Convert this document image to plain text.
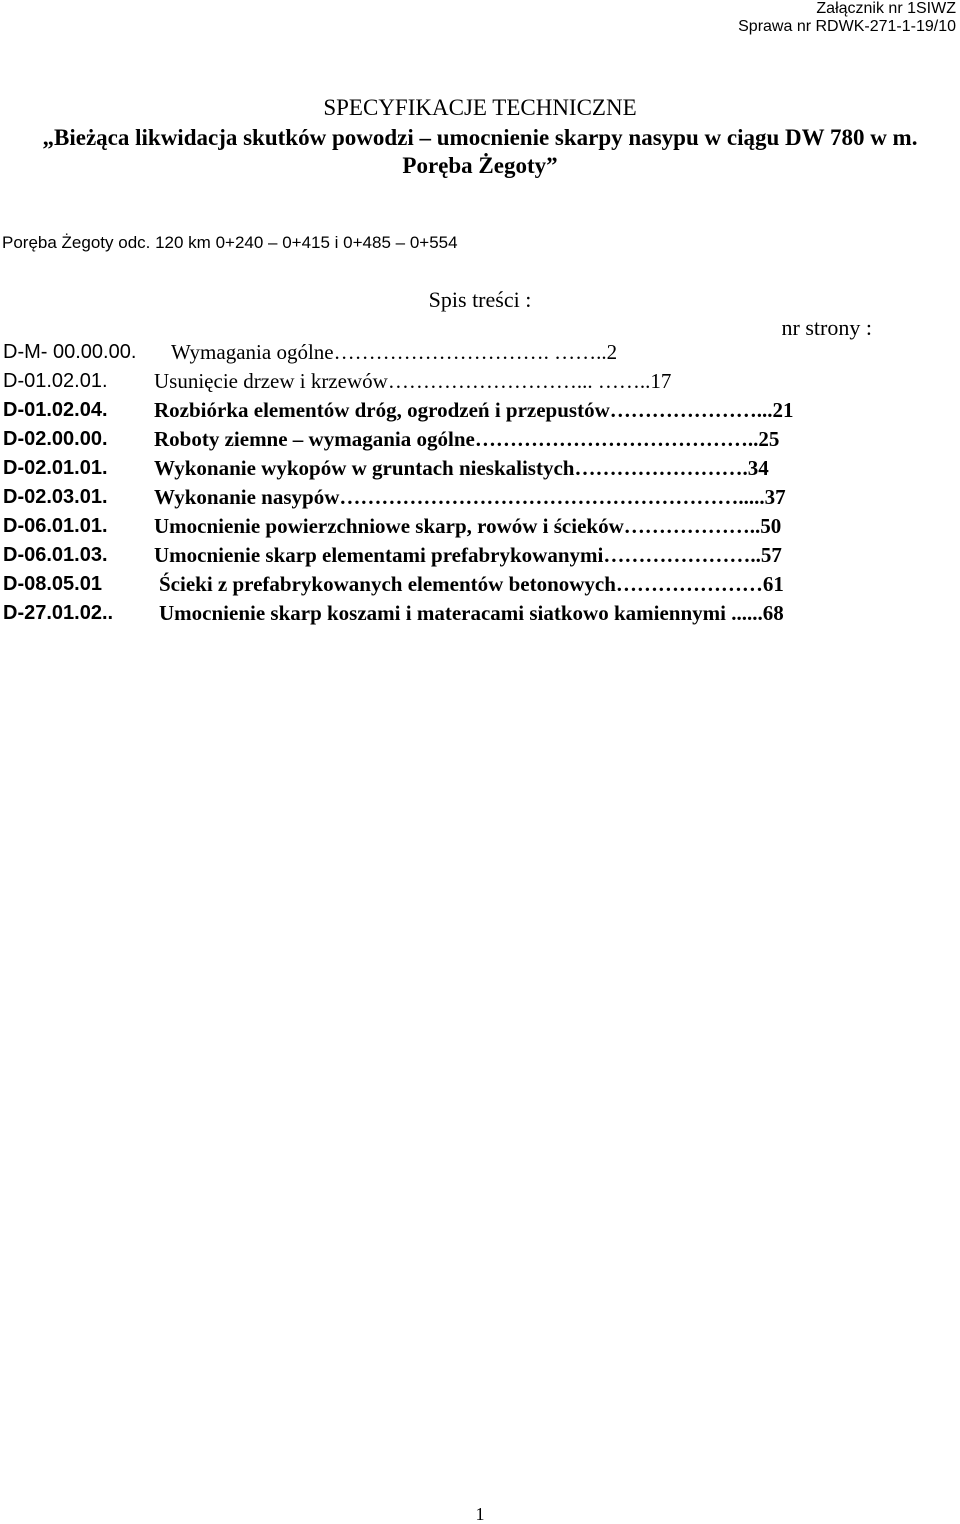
Załącznik nr 1SIWZ
Sprawa nr RDWK-271-1-19/10
SPECYFIKACJE TECHNICZNE
„Bieżąca likwidacja skutków powodzi – umocnienie skarpy nasypu w ciągu DW 780 w m.
Poręba Żegoty”
Poręba Żegoty odc. 120 km 0+240 – 0+415 i 0+485 – 0+554
Spis treści :
nr strony :
D-M- 00.00.00. Wymagania ogólne…………………………. ……..2
D-01.02.01. Usunięcie drzew i krzewów………………………... ……..17
D-01.02.04. Rozbiórka elementów dróg, ogrodzeń i przepustów…………………...21
D-02.00.00. Roboty ziemne – wymagania ogólne…………………………………..25
D-02.01.01. Wykonanie wykopów w gruntach nieskalistych…………………….34
D-02.03.01. Wykonanie nasypów………………………………………………….....37
D-06.01.01. Umocnienie powierzchniowe skarp, rowów i ścieków………………..50
D-06.01.03. Umocnienie skarp elementami prefabrykowanymi…………………..57
D-08.05.01	Ścieki z prefabrykowanych elementów betonowych…………………61
D-27.01.02.. Umocnienie skarp koszami i materacami siatkowo kamiennymi ......68
1
